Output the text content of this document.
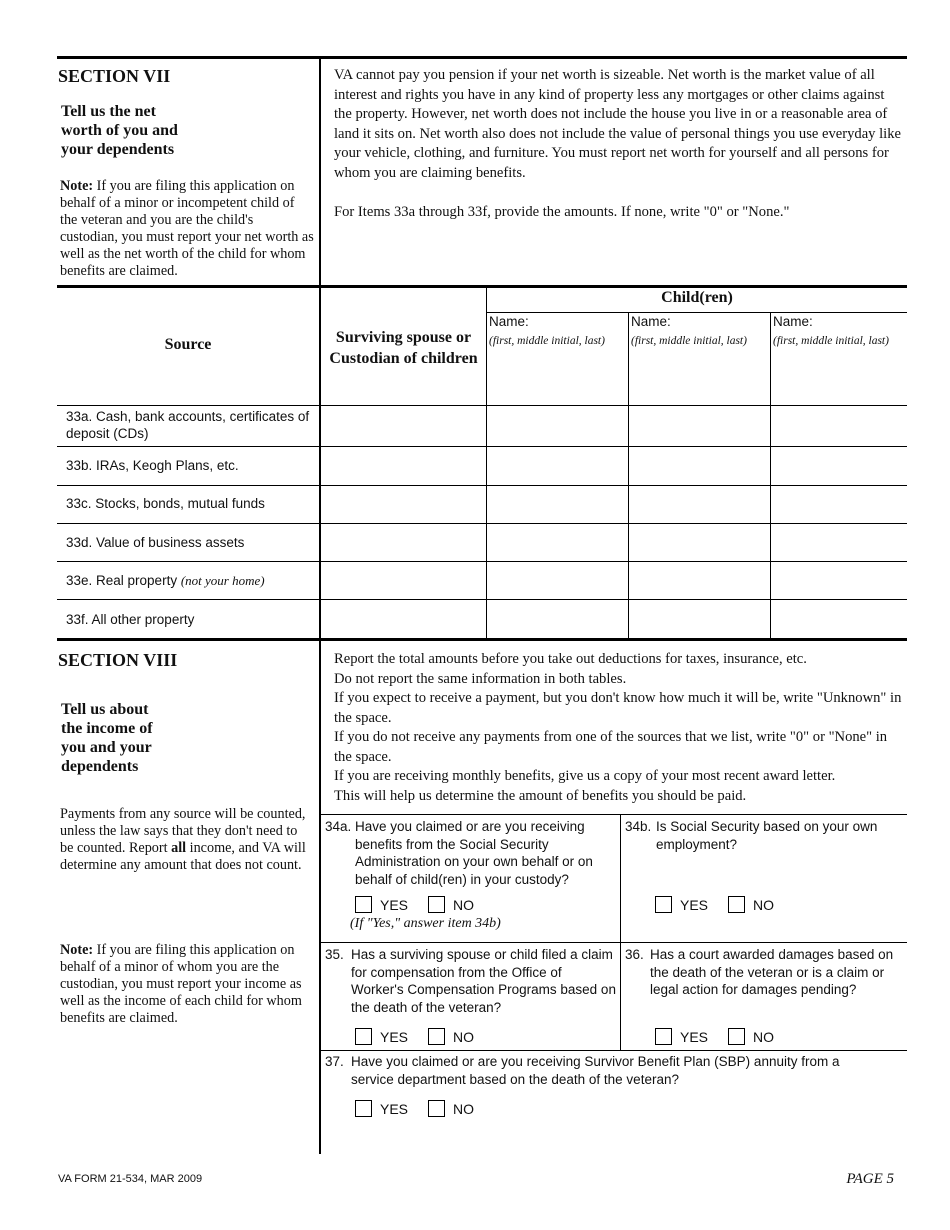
SECTION VII
Tell us the net
worth of you and
your dependents
Note: If you are filing this application on behalf of a minor or incompetent child of the veteran and you are the child's custodian, you must report your net worth as well as the net worth of the child for whom benefits are claimed.
VA cannot pay you pension if your net worth is sizeable. Net worth is the market value of all interest and rights you have in any kind of property less any mortgages or other claims against the property. However, net worth does not include the house you live in or a reasonable area of land it sits on. Net worth also does not include the value of personal things you use everyday like your vehicle, clothing, and furniture. You must report net worth for yourself and all persons for whom you are claiming benefits.
For Items 33a through 33f, provide the amounts. If none, write "0" or "None."
Source	Surviving spouse or
Custodian of children
Child(ren)
Name:
(first, middle initial, last)
Name:
(first, middle initial, last)
Name:
(first, middle initial, last)
33a. Cash, bank accounts, certificates of deposit (CDs)
33b. IRAs, Keogh Plans, etc.
33c. Stocks, bonds, mutual funds
33d. Value of business assets
33e. Real property (not your home)
33f. All other property
SECTION VIII
Tell us about
the income of
you and your
dependents
Payments from any source will be counted, unless the law says that they don't need to be counted. Report all income, and VA will determine any amount that does not count.
Note: If you are filing this application on behalf of a minor of whom you are the custodian, you must report your income as well as the income of each child for whom benefits are claimed.
Report the total amounts before you take out deductions for taxes, insurance, etc.
Do not report the same information in both tables.
If you expect to receive a payment, but you don't know how much it will be, write "Unknown" in the space.
If you do not receive any payments from one of the sources that we list, write "0" or "None" in the space.
If you are receiving monthly benefits, give us a copy of your most recent award letter.
This will help us determine the amount of benefits you should be paid.
34a. Have you claimed or are you receiving benefits from the Social Security Administration on your own behalf or on behalf of child(ren) in your custody?
YES	NO
(If "Yes," answer item 34b)
34b. Is Social Security based on your own employment?
YES	NO
35. Has a surviving spouse or child filed a claim for compensation from the Office of Worker's Compensation Programs based on the death of the veteran?
YES	NO
36. Has a court awarded damages based on the death of the veteran or is a claim or legal action for damages pending?
YES	NO
37. Have you claimed or are you receiving Survivor Benefit Plan (SBP) annuity from a service department based on the death of the veteran?
YES	NO
VA FORM 21-534, MAR 2009	PAGE 5
